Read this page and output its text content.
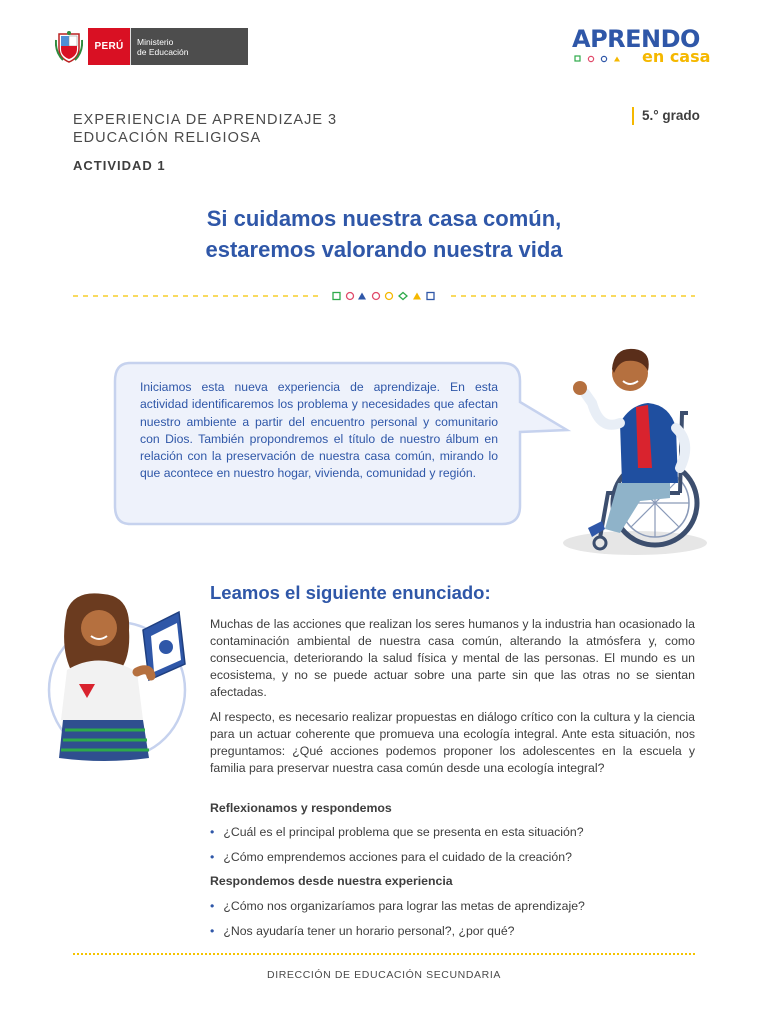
PERÚ	Ministerio
de Educación	APRENDO
en casa
EXPERIENCIA DE APRENDIZAJE 3
EDUCACIÓN RELIGIOSA
ACTIVIDAD 1
5.° grado
Si cuidamos nuestra casa común,
estaremos valorando nuestra vida
Iniciamos esta nueva experiencia de aprendizaje. En esta actividad identificaremos los problema y necesidades que afectan nuestro ambiente a partir del encuentro personal y comunitario con Dios. También propondremos el título de nuestro álbum en relación con la preservación de nuestra casa común, mirando lo que acontece en nuestro hogar, vivienda, comunidad y región.
Leamos el siguiente enunciado:
Muchas de las acciones que realizan los seres humanos y la industria han ocasionado la contaminación ambiental de nuestra casa común, alterando la atmósfera y, como consecuencia, deteriorando la salud física y mental de las personas. El mundo es un ecosistema, y no se puede actuar sobre una parte sin que las otras no se sientan afectadas.
Al respecto, es necesario realizar propuestas en diálogo crítico con la cultura y la ciencia para un actuar coherente que promueva una ecología integral. Ante esta situación, nos preguntamos: ¿Qué acciones podemos proponer los adolescentes en la escuela y familia para preservar nuestra casa común desde una ecología integral?
Reflexionamos y respondemos
• ¿Cuál es el principal problema que se presenta en esta situación?
• ¿Cómo emprendemos acciones para el cuidado de la creación?
Respondemos desde nuestra experiencia
• ¿Cómo nos organizaríamos para lograr las metas de aprendizaje?
• ¿Nos ayudaría tener un horario personal?, ¿por qué?
DIRECCIÓN DE EDUCACIÓN SECUNDARIA
